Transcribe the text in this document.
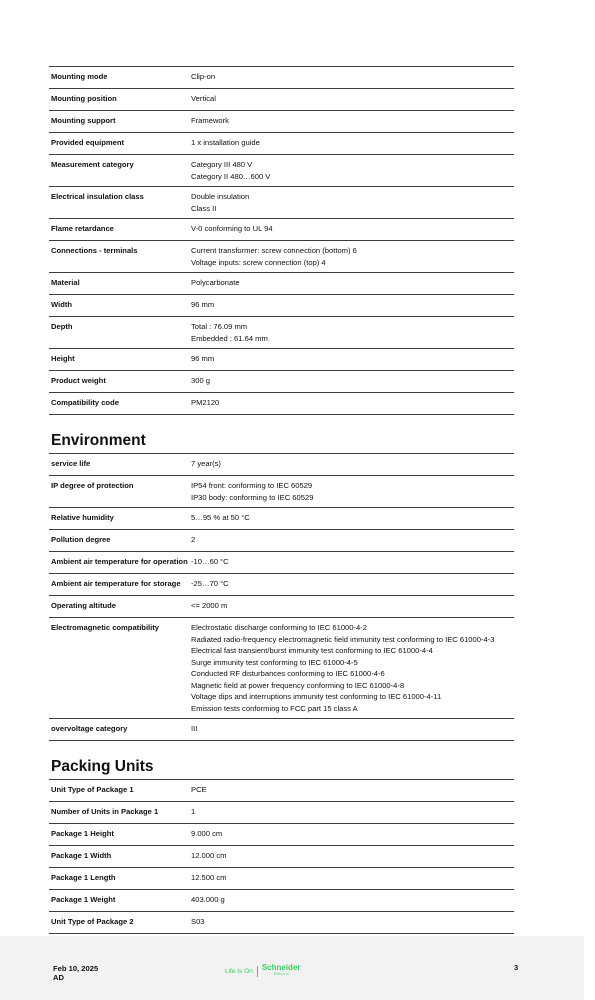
Mounting mode	Clip-on
Mounting position	Vertical
Mounting support	Framework
Provided equipment	1 x installation guide
Measurement category	Category III 480 V
Category II 480…600 V
Electrical insulation class	Double insulation
Class II
Flame retardance	V-0 conforming to UL 94
Connections - terminals	Current transformer: screw connection (bottom) 6
Voltage inputs: screw connection (top) 4
Material	Polycarbonate
Width	96 mm
Depth	Total : 76.09 mm
Embedded : 61.64 mm
Height	96 mm
Product weight	300 g
Compatibility code	PM2120
Environment
service life	7 year(s)
IP degree of protection	IP54 front: conforming to IEC 60529
IP30 body: conforming to IEC 60529
Relative humidity	5…95 % at 50 °C
Pollution degree	2
Ambient air temperature for operation -10…60 °C
Ambient air temperature for storage	-25…70 °C
Operating altitude	<= 2000 m
Electromagnetic compatibility	Electrostatic discharge conforming to IEC 61000-4-2
Radiated radio-frequency electromagnetic field immunity test conforming to IEC 61000-4-3
Electrical fast transient/burst immunity test conforming to IEC 61000-4-4
Surge immunity test conforming to IEC 61000-4-5
Conducted RF disturbances conforming to IEC 61000-4-6
Magnetic field at power frequency conforming to IEC 61000-4-8
Voltage dips and interruptions immunity test conforming to IEC 61000-4-11
Emission tests conforming to FCC part 15 class A
overvoltage category	III
Packing Units
Unit Type of Package 1	PCE
Number of Units in Package 1	1
Package 1 Height	9.000 cm
Package 1 Width	12.000 cm
Package 1 Length	12.500 cm
Package 1 Weight	403.000 g
Unit Type of Package 2	S03
Feb 10, 2025
AD
Life Is On Schneider
Electric
3
